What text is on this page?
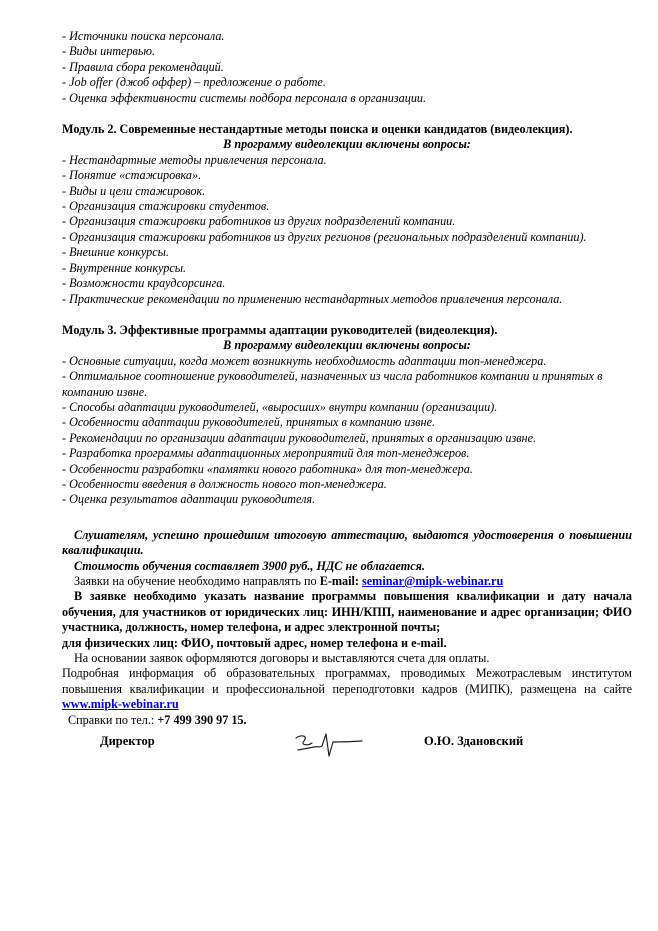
- Источники поиска персонала.
- Виды интервью.
- Правила сбора рекомендаций.
- Job offer (джоб оффер) – предложение о работе.
- Оценка эффективности системы подбора персонала в организации.
Модуль 2. Современные нестандартные методы поиска и оценки кандидатов (видеолекция).
В программу видеолекции включены вопросы:
- Нестандартные методы привлечения персонала.
- Понятие «стажировка».
- Виды и цели стажировок.
- Организация стажировки студентов.
- Организация стажировки работников из других подразделений компании.
- Организация стажировки работников из других регионов (региональных подразделений компании).
- Внешние конкурсы.
- Внутренние конкурсы.
- Возможности краудсорсинга.
- Практические рекомендации по применению нестандартных методов привлечения персонала.
Модуль 3. Эффективные программы адаптации руководителей (видеолекция).
В программу видеолекции включены вопросы:
- Основные ситуации, когда может возникнуть необходимость адаптации топ-менеджера.
- Оптимальное соотношение руководителей, назначенных из числа работников компании и принятых в компанию извне.
- Способы адаптации руководителей, «выросших» внутри компании (организации).
- Особенности адаптации руководителей, принятых в компанию извне.
- Рекомендации по организации адаптации руководителей, принятых в организацию извне.
- Разработка программы адаптационных мероприятий для топ-менеджеров.
- Особенности разработки «памятки нового работника» для топ-менеджера.
- Особенности введения в должность нового топ-менеджера.
- Оценка результатов адаптации руководителя.
Слушателям, успешно прошедшим итоговую аттестацию, выдаются удостоверения о повышении квалификации.
Стоимость обучения составляет 3900 руб., НДС не облагается.
Заявки на обучение необходимо направлять по E-mail: seminar@mipk-webinar.ru
В заявке необходимо указать название программы повышения квалификации и дату начала обучения, для участников от юридических лиц: ИНН/КПП, наименование и адрес организации; ФИО участника, должность, номер телефона, и адрес электронной почты;
для физических лиц: ФИО, почтовый адрес, номер телефона и e-mail.
На основании заявок оформляются договоры и выставляются счета для оплаты.
Подробная информация об образовательных программах, проводимых Межотраслевым институтом повышения квалификации и профессиональной переподготовки кадров (МИПК), размещена на сайте www.mipk-webinar.ru
Справки по тел.: +7 499 390 97 15.
Директор	О.Ю. Здановский
